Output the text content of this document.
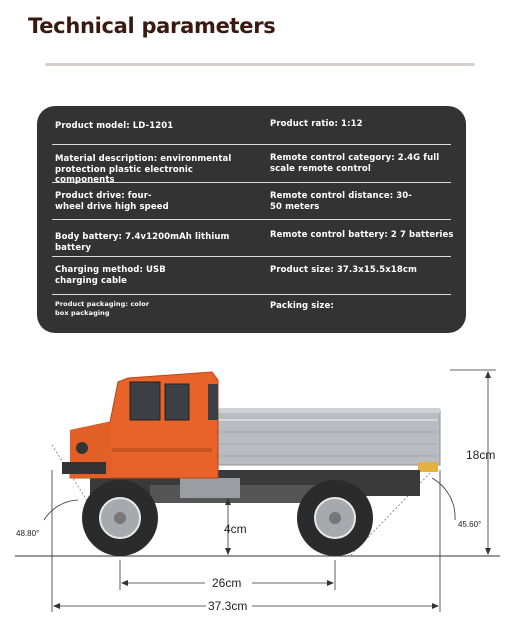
Technical parameters
Product model: LD-1201	Product ratio: 1:12
Material description: environmental protection plastic electronic components
Remote control category: 2.4G full scale remote control
Product drive: four-wheel drive high speed
Remote control distance: 30-50 meters
Body battery: 7.4v1200mAh lithium battery
Remote control battery: 2 7 batteries
Charging method: USB charging cable
Product size: 37.3x15.5x18cm
Product packaging: color box packaging
Packing size:
18cm
4cm
26cm
37.3cm
48.80°
45.60°
